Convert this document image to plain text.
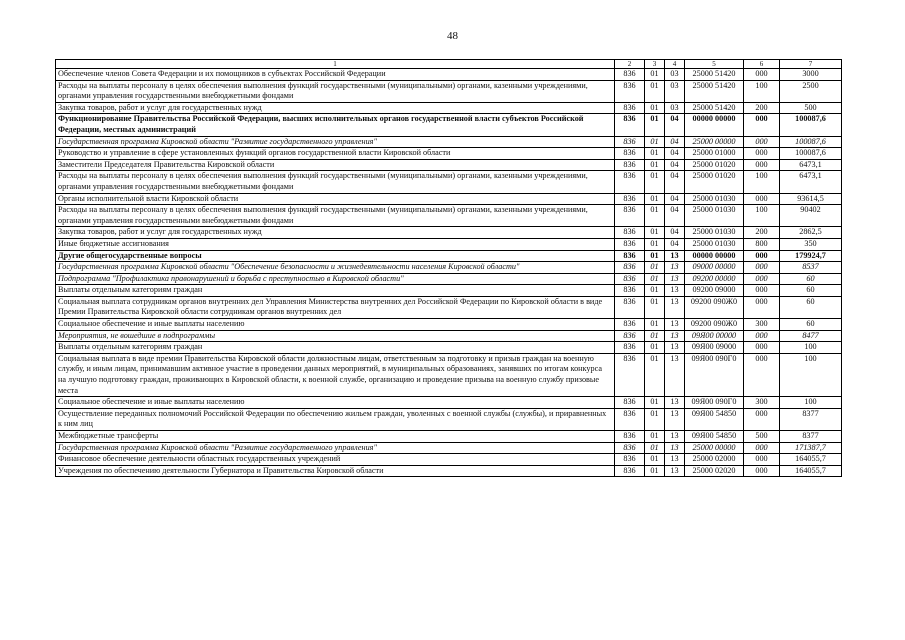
48
1	2	3	4	5	6	7
Обеспечение членов Совета Федерации и их помощников в субъектах Российской Федерации	836	01	03	25000 51420	000	3000
Расходы на выплаты персоналу в целях обеспечения выполнения функций государственными (муниципальными) органами, казенными учреждениями, органами управления государственными внебюджетными фондами	836	01	03	25000 51420	100	2500
Закупка товаров, работ и услуг для государственных нужд	836	01	03	25000 51420	200	500
Функционирование Правительства Российской Федерации, высших исполнительных органов государственной власти субъектов Российской Федерации, местных администраций	836	01	04	00000 00000	000	100087,6
Государственная программа Кировской области "Развитие государственного управления"	836	01	04	25000 00000	000	100087,6
Руководство и управление в сфере установленных функций органов государственной власти Кировской области	836	01	04	25000 01000	000	100087,6
Заместители Председателя Правительства Кировской области	836	01	04	25000 01020	000	6473,1
Расходы на выплаты персоналу в целях обеспечения выполнения функций государственными (муниципальными) органами, казенными учреждениями, органами управления государственными внебюджетными фондами	836	01	04	25000 01020	100	6473,1
Органы исполнительной власти Кировской области	836	01	04	25000 01030	000	93614,5
Расходы на выплаты персоналу в целях обеспечения выполнения функций государственными (муниципальными) органами, казенными учреждениями, органами управления государственными внебюджетными фондами	836	01	04	25000 01030	100	90402
Закупка товаров, работ и услуг для государственных нужд	836	01	04	25000 01030	200	2862,5
Иные бюджетные ассигнования	836	01	04	25000 01030	800	350
Другие общегосударственные вопросы	836	01	13	00000 00000	000	179924,7
Государственная программа Кировской области "Обеспечение безопасности и жизнедеятельности населения Кировской области"	836	01	13	09000 00000	000	8537
Подпрограмма "Профилактика правонарушений и борьба с преступностью в Кировской области"	836	01	13	09200 00000	000	60
Выплаты отдельным категориям граждан	836	01	13	09200 09000	000	60
Социальная выплата сотрудникам органов внутренних дел Управления Министерства внутренних дел Российской Федерации по Кировской области в виде Премии Правительства Кировской области сотрудникам органов внутренних дел	836	01	13	09200 090Ж0	000	60
Социальное обеспечение и иные выплаты населению	836	01	13	09200 090Ж0	300	60
Мероприятия, не вошедшие в подпрограммы	836	01	13	09Я00 00000	000	8477
Выплаты отдельным категориям граждан	836	01	13	09Я00 09000	000	100
Социальная выплата в виде премии Правительства Кировской области должностным лицам, ответственным за подготовку и призыв граждан на военную службу, и иным лицам, принимавшим активное участие в проведении данных мероприятий, в муниципальных образованиях, занявших по итогам конкурса на лучшую подготовку граждан, проживающих в Кировской области, к военной службе, организацию и проведение призыва на военную службу призовые места	836	01	13	09Я00 090Г0	000	100
Социальное обеспечение и иные выплаты населению	836	01	13	09Я00 090Г0	300	100
Осуществление переданных полномочий Российской Федерации по обеспечению жильем граждан, уволенных с военной службы (службы), и приравненных к ним лиц	836	01	13	09Я00 54850	000	8377
Межбюджетные трансферты	836	01	13	09Я00 54850	500	8377
Государственная программа Кировской области "Развитие государственного управления"	836	01	13	25000 00000	000	171387,7
Финансовое обеспечение деятельности областных государственных учреждений	836	01	13	25000 02000	000	164055,7
Учреждения по обеспечению деятельности Губернатора и Правительства Кировской области	836	01	13	25000 02020	000	164055,7
